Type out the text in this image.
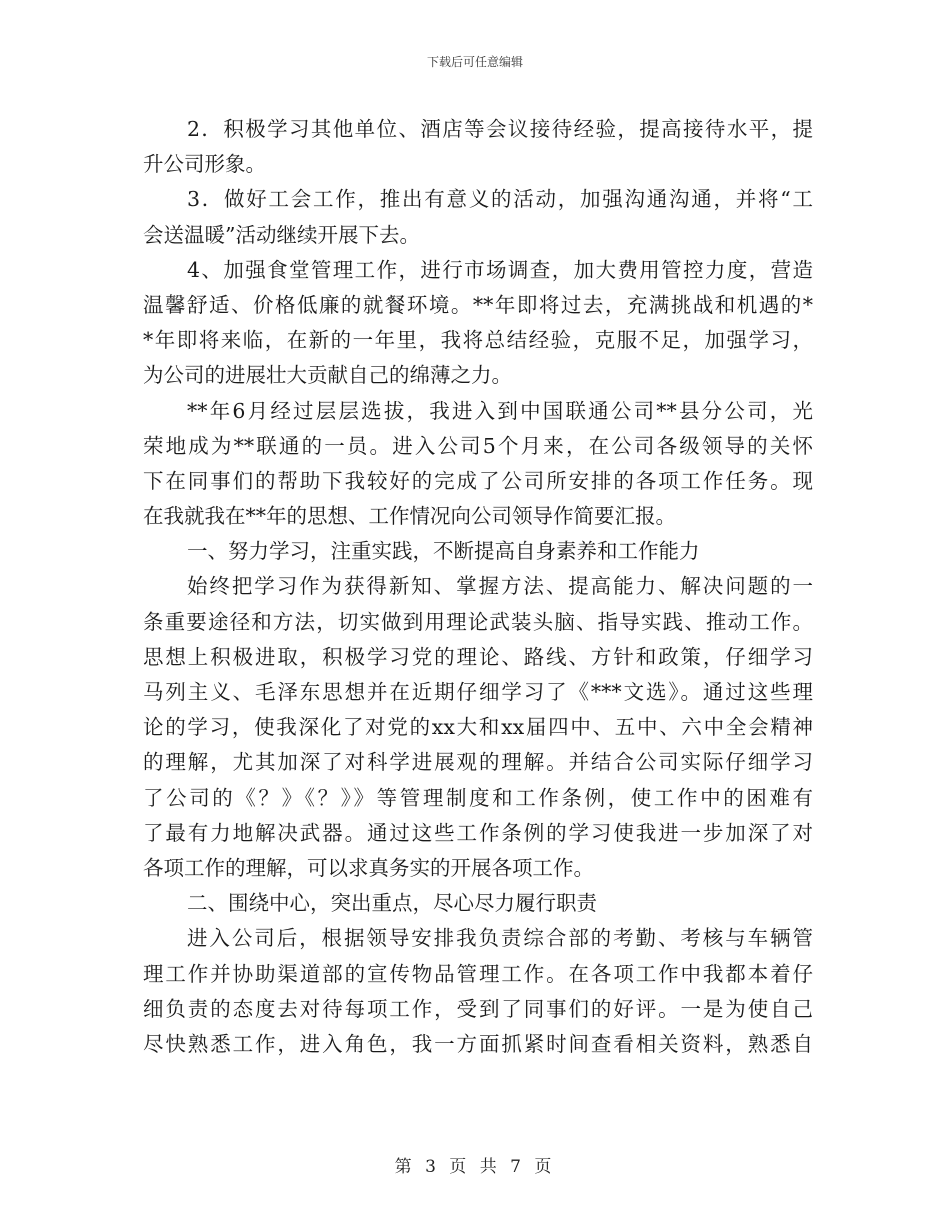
下载后可任意编辑
2．积极学习其他单位、酒店等会议接待经验，提高接待水平，提
升公司形象。
3．做好工会工作，推出有意义的活动，加强沟通沟通，并将“工
会送温暖”活动继续开展下去。
4、加强食堂管理工作，进行市场调查，加大费用管控力度，营造
温馨舒适、价格低廉的就餐环境。**年即将过去，充满挑战和机遇的*
*年即将来临，在新的一年里，我将总结经验，克服不足，加强学习，
为公司的进展壮大贡献自己的绵薄之力。
**年6月经过层层选拔，我进入到中国联通公司**县分公司，光
荣地成为**联通的一员。进入公司5个月来，在公司各级领导的关怀
下在同事们的帮助下我较好的完成了公司所安排的各项工作任务。现
在我就我在**年的思想、工作情况向公司领导作简要汇报。
一、努力学习，注重实践，不断提高自身素养和工作能力
始终把学习作为获得新知、掌握方法、提高能力、解决问题的一
条重要途径和方法，切实做到用理论武装头脑、指导实践、推动工作。
思想上积极进取，积极学习党的理论、路线、方针和政策，仔细学习
马列主义、毛泽东思想并在近期仔细学习了《***文选》。通过这些理
论的学习，使我深化了对党的xx大和xx届四中、五中、六中全会精神
的理解，尤其加深了对科学进展观的理解。并结合公司实际仔细学习
了公司的《？》《？》》等管理制度和工作条例，使工作中的困难有
了最有力地解决武器。通过这些工作条例的学习使我进一步加深了对
各项工作的理解，可以求真务实的开展各项工作。
二、围绕中心，突出重点，尽心尽力履行职责
进入公司后，根据领导安排我负责综合部的考勤、考核与车辆管
理工作并协助渠道部的宣传物品管理工作。在各项工作中我都本着仔
细负责的态度去对待每项工作，受到了同事们的好评。一是为使自己
尽快熟悉工作，进入角色，我一方面抓紧时间查看相关资料，熟悉自
第 3 页 共 7 页
